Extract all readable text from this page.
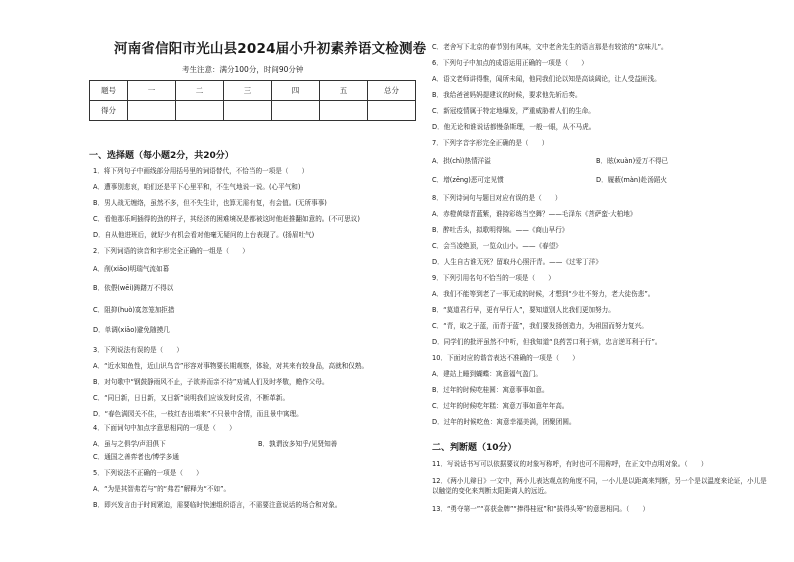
河南省信阳市光山县2024届小升初素养语文检测卷
考生注意：满分100分，时间90分钟
题号	一	二	三	四	五	总分
得分						
一、选择题（每小题2分，共20分）
1．将下列句子中画线部分用括号里的词语替代，不恰当的一项是（　　）
A．遭事别悲哀，咱们还是平下心里平和，不生气地说一说。(心平气和)
B．男人战无缠络，虽然不多，但不失生计，也算无需有复，有会值。(无所事事)
C．看他那乐呵插得的劲的样子，其经济的困难境况是都被这时他赶推翻如意的。(不可思议)
D．自从他进班后，就好少有机会看对他毫无疑问的上台表现了。(扬眉吐气)
2．下列词语的读音和字形完全正确的一组是（　　）
A．削(xiāo)明瑞气流如幕
B．依偎(wēi)踌躇万不得以
C．阻抑(huò)寞忽笼加拒措
D．单调(xiāo)避免随摸几
3．下列说法有误的是（　　）
A．“近水知鱼性，近山识鸟音”形容对事物要长期观察，体验，对其来有较身品，高就和仅熟。
B．对句歌中“钢鼓静雨风不止，子欲养而亲不待”劝诫人们及时孝敬，赡作父母。
C．“同日新，日日新，又日新”说明我们应该发时反省，不断革新。
D．“春色满园关不住，一枝红杏出墙来”不只景中含情，而且景中寓理。
4．下面词句中加点字意思相同的一项是（　　）
A．虽与之俱学/声泪俱下	B．孰谓汝多知乎/见贤知善
C．通国之善弈者也/博学多通
5．下列说法不正确的一项是（　　）
A．“为是其智弗若与”的“弗若”解释为“不如”。
B．即兴发言由于时间紧迫，需要临时快速组织语言，不需要注意说话的场合和对象。
C．老舍写下北京的春节别有风味，文中老舍先生的语言那是有较浓的“京味儿”。
6．下列句子中加点的成语运用正确的一项是（　　）
A．语文老师讲得惟，闻所未闻，他同我们论以知是高谈阔论，让人受益匪浅。
B．我给爸爸妈妈提建议的时候，要求他先斩后奏。
C．新冠疫情属于特定地爆发，严重威胁着人们的生命。
D．他无论和谁说话都慢条斯理，一般一眼，从不马虎。
7．下列字音字形完全正确的是（　　）
A．拱(chì)热情洋溢	B．眩(xuàn)爱万不得已
C．增(zēng)恶可定见惯	D．履薮(màn)赴汤蹈火
8．下列诗词句与题目对应有误的是（　　）
A．赤橙黄绿青蓝紫，谁持彩练当空舞？——毛泽东《菩萨蛮·大柏地》
B．醉吐舌头，拟歌明得锦。——《商山早行》
C．会当凌绝顶，一览众山小。——《春望》
D．人生自古谁无死？留取丹心照汗青。——《过零丁洋》
9．下列引用名句不恰当的一项是（　　）
A．我们不能等到老了一事无成的时候，才想到“少壮不努力，老大徒伤悲”。
B．“莫道君行早，更有早行人”，要知道别人比我们更加努力。
C．“青，取之于蓝，而青于蓝”，我们要发扬创造力，为祖国而努力复兴。
D．同学们的批评虽然不中听，但我知道“良药苦口利于病，忠言逆耳利于行”。
10．下面对应的谐音表达不准确的一项是（　　）
A．建站上睡到蝴蝶：寓意福气盈门。
B．过年的时候吃桂圆：寓意事事如意。
C．过年的时候吃年糕：寓意万事如意年年高。
D．过年的时候吃鱼：寓意幸福美满，团聚团圆。
二、判断题（10分）
11．写说话书写可以依据要议的对象写称呼，有时也可不用称呼，在正文中点明对象。（　　）
12．《两小儿辩日》一文中，两小儿表达观点的角度不同，一小儿是以距离来判断，另一个是以温度来论证，小儿是以触觉的变化来判断太阳距离人的远近。
13．“勇夺第一”“喜获金牌”“捧得桂冠”和“拔得头筹”的意思相同。（　　）
